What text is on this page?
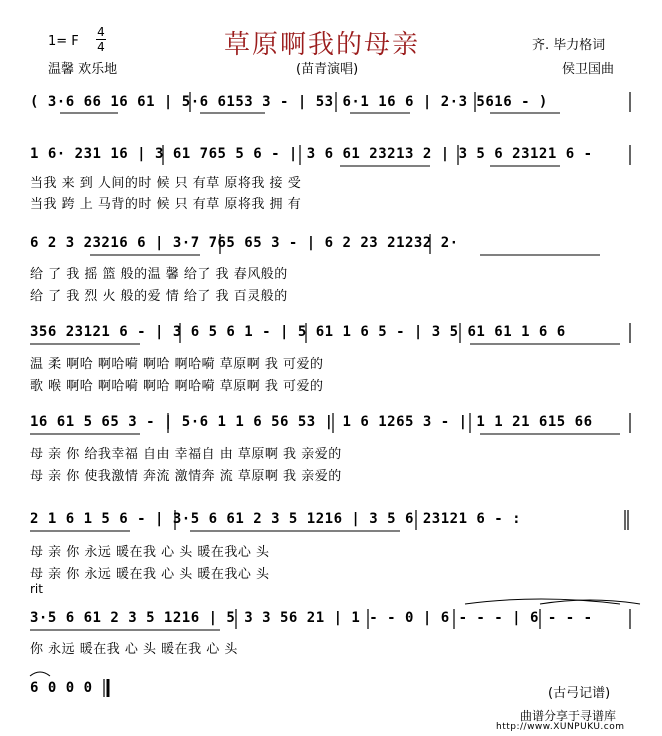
1= F
4
4
温馨 欢乐地
草原啊我的母亲
(苗青演唱)
齐. 毕力格词
侯卫国曲
( 3·6 66 16 61 | 5·6 6153 3 - | 53 6·1 16 6 | 2·3 5616 - )
1 6· 231 16 | 3 61 765 5 6 - | 3 6 61 23213 2 | 3 5 6 23121 6 -
当我 来 到 人间的时 候 只 有草 原将我 接 受
当我 跨 上 马背的时 候 只 有草 原将我 拥 有
6 2 3 23216 6 | 3·7 765 65 3 - | 6 2 23 21232 2·
给 了 我 摇 篮 般的温 馨 给了 我 春风般的
给 了 我 烈 火 般的爱 情 给了 我 百灵般的
356 23121 6 - | 3 6 5 6 1 - | 5 61 1 6 5 - | 3 5 61 61 1 6 6
温 柔 啊哈 啊哈嗬 啊哈 啊哈嗬 草原啊 我 可爱的
歌 喉 啊哈 啊哈嗬 啊哈 啊哈嗬 草原啊 我 可爱的
16 61 5 65 3 - | 5·6 1 1 6 56 53 | 1 6 1265 3 - | 1 1 21 615 66
母 亲 你 给我幸福 自由 幸福自 由 草原啊 我 亲爱的
母 亲 你 使我激情 奔流 激情奔 流 草原啊 我 亲爱的
2 1 6 1 5 6 - | 3·5 6 61 2 3 5 1216 | 3 5 6 23121 6 - :
母 亲 你 永远 暖在我 心 头 暖在我心 头
母 亲 你 永远 暖在我 心 头 暖在我心 头
rit
3·5 6 61 2 3 5 1216 | 5 3 3 56 21 | 1 - - 0 | 6 - - - | 6 - - -
你 永远 暖在我 心 头 暖在我 心 头
6 0 0 0	(古弓记谱)
曲谱分享于寻谱库
http://www.XUNPUKU.com
